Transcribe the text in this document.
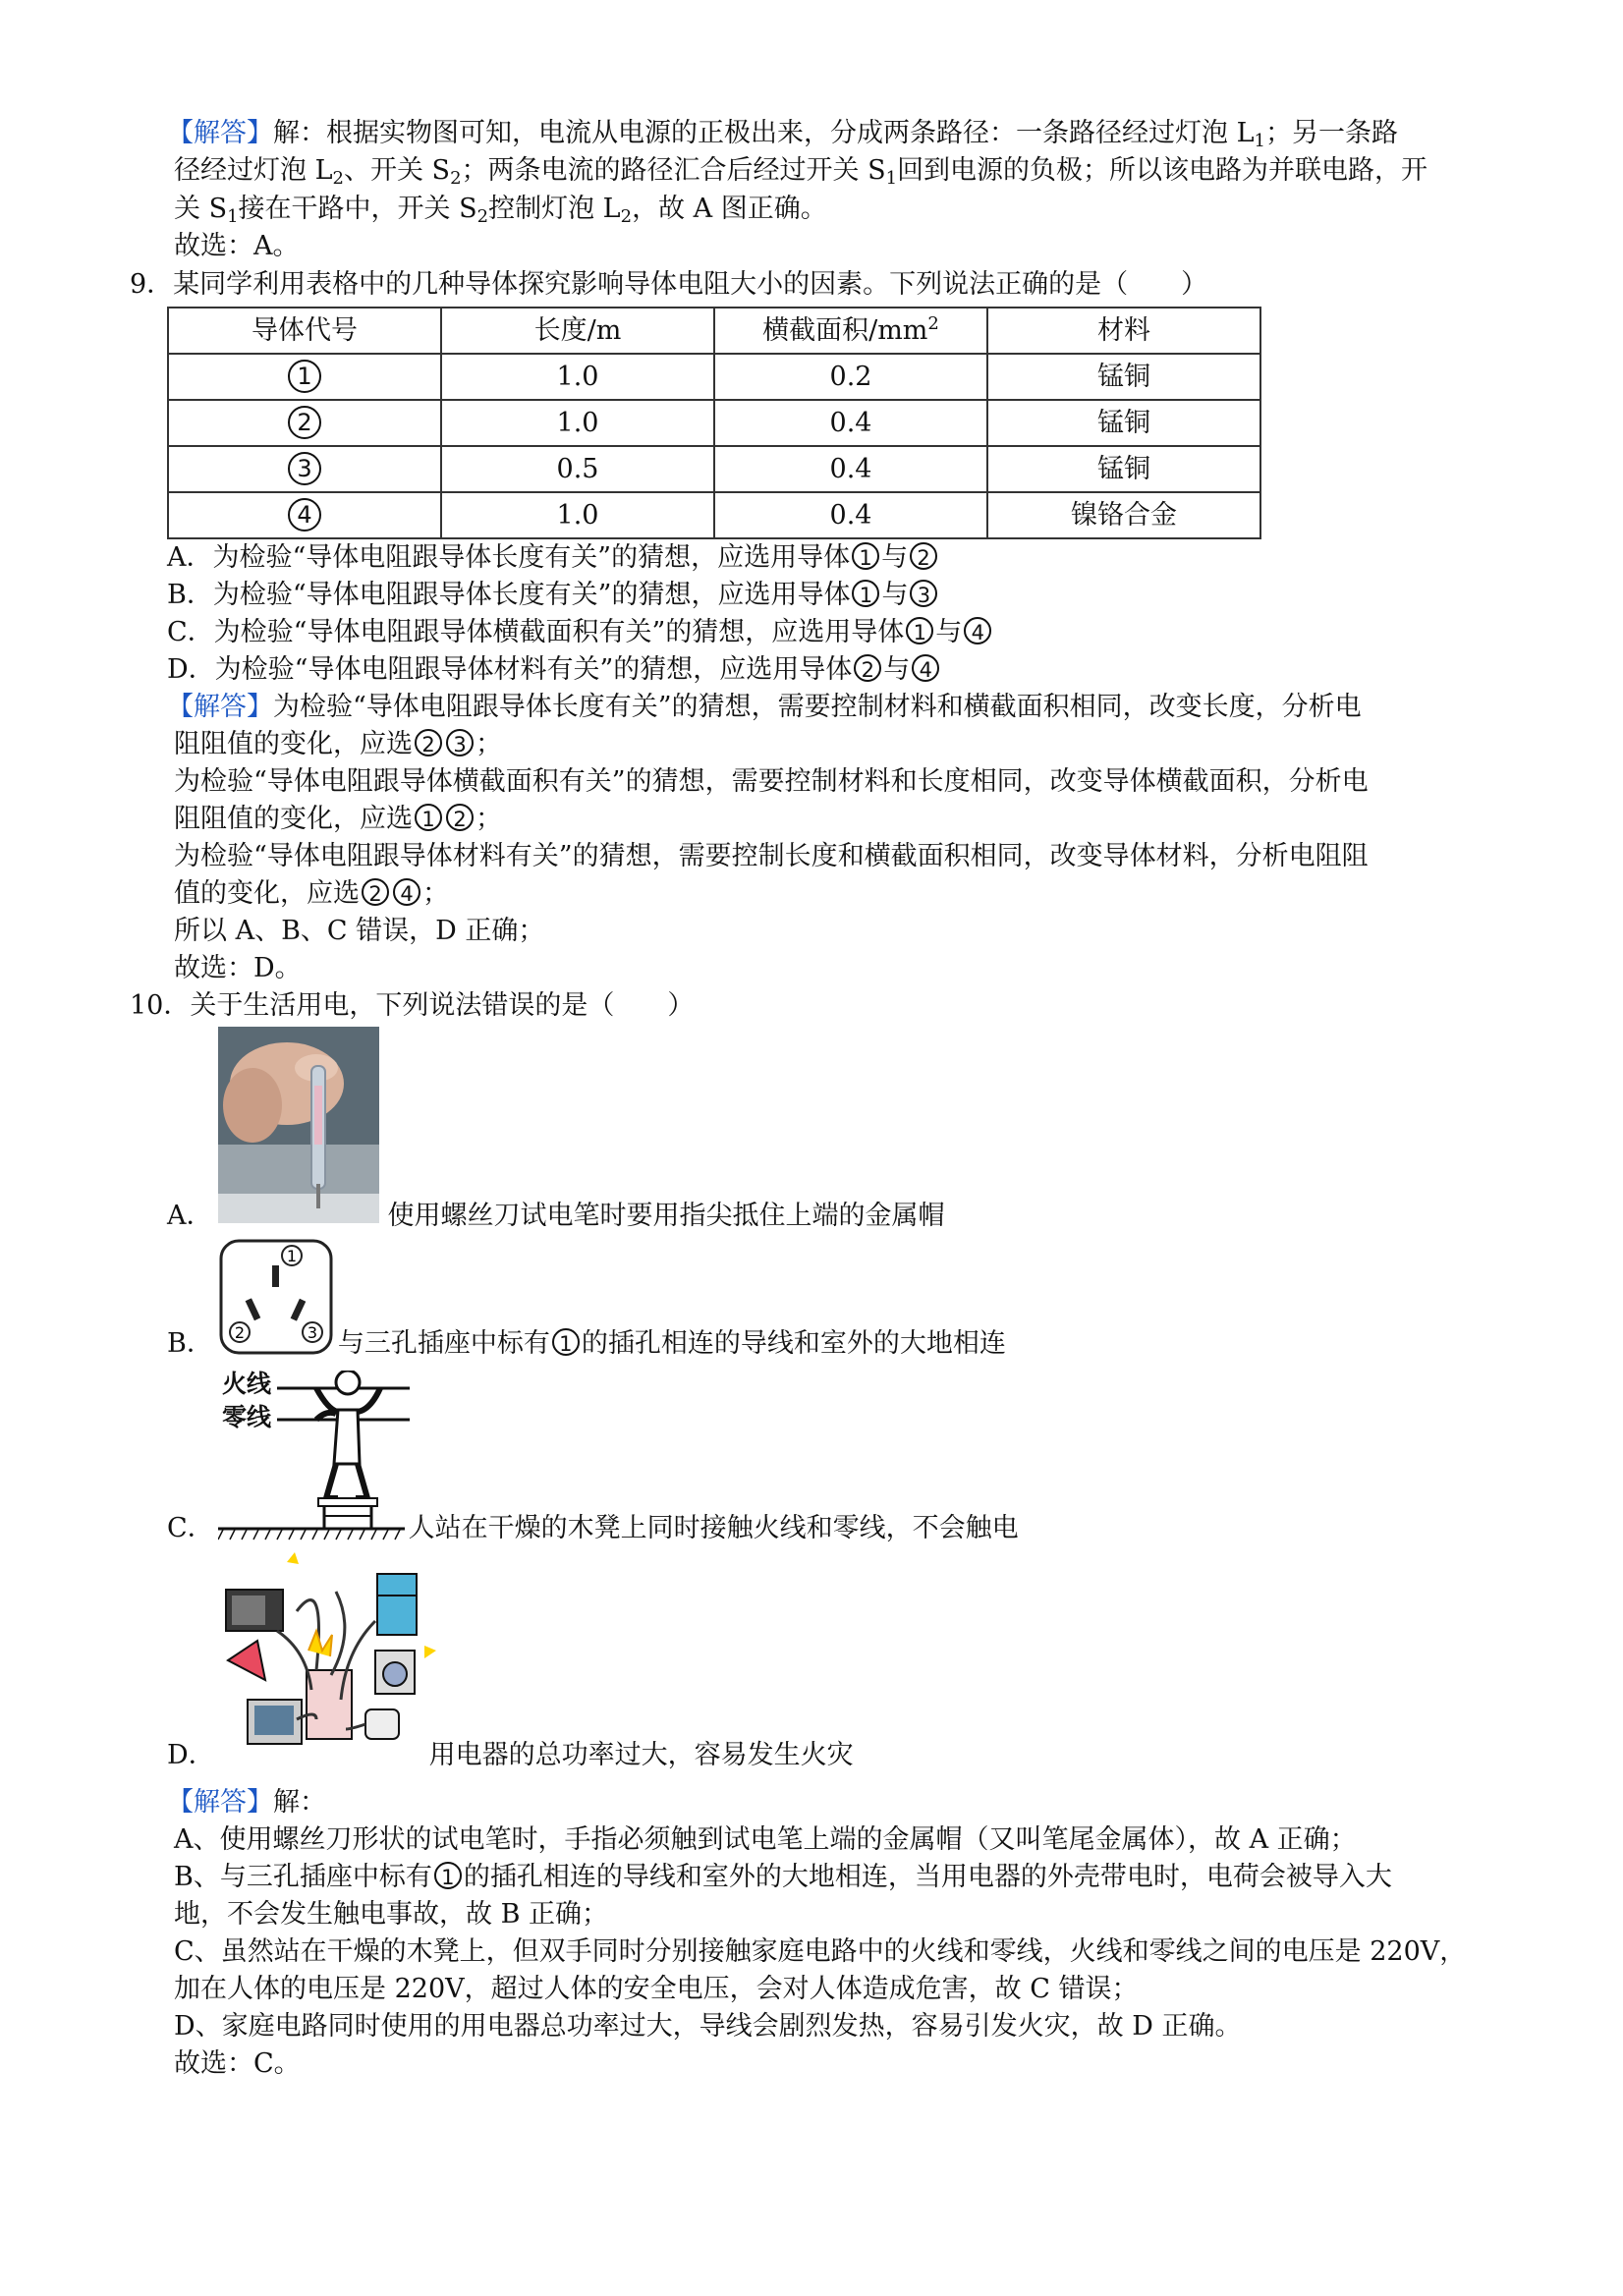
【解答】解：根据实物图可知，电流从电源的正极出来，分成两条路径：一条路径经过灯泡 $L_1$；另一条路
径经过灯泡 $L_2$、开关 $S_2$；两条电流的路径汇合后经过开关 $S_1$回到电源的负极；所以该电路为并联电路，开
关 $S_1$接在干路中，开关 $S_2$控制灯泡 $L_2$，故 A 图正确。
故选：A。
9．某同学利用表格中的几种导体探究影响导体电阻大小的因素。下列说法正确的是（　　）
导体代号	长度/m	横截面积$/mm^2$	材料
1	1.0	0.2	锰铜
2	1.0	0.4	锰铜
3	0.5	0.4	锰铜
4	1.0	0.4	镍铬合金
A．为检验“导体电阻跟导体长度有关”的猜想，应选用导体 1 与 2
B．为检验“导体电阻跟导体长度有关”的猜想，应选用导体 1 与 3
C．为检验“导体电阻跟导体横截面积有关”的猜想，应选用导体 1 与 4
D．为检验“导体电阻跟导体材料有关”的猜想，应选用导体 2 与 4
【解答】为检验“导体电阻跟导体长度有关”的猜想，需要控制材料和横截面积相同，改变长度，分析电
阻阻值的变化，应选 2 3 ；
为检验“导体电阻跟导体横截面积有关”的猜想，需要控制材料和长度相同，改变导体横截面积，分析电
阻阻值的变化，应选 1 2 ；
为检验“导体电阻跟导体材料有关”的猜想，需要控制长度和横截面积相同，改变导体材料，分析电阻阻
值的变化，应选 2 4 ；
所以 A、B、C 错误，D 正确；
故选：D。
10．关于生活用电，下列说法错误的是（　　）
A．	使用螺丝刀试电笔时要用指尖抵住上端的金属帽
1
2	3
B．	与三孔插座中标有 1 的插孔相连的导线和室外的大地相连
火线
零线
C．	人站在干燥的木凳上同时接触火线和零线，不会触电
D．	用电器的总功率过大，容易发生火灾
【解答】解：
A、使用螺丝刀形状的试电笔时，手指必须触到试电笔上端的金属帽（又叫笔尾金属体），故 A 正确；
B、与三孔插座中标有 1 的插孔相连的导线和室外的大地相连，当用电器的外壳带电时，电荷会被导入大
地，不会发生触电事故，故 B 正确；
C、虽然站在干燥的木凳上，但双手同时分别接触家庭电路中的火线和零线，火线和零线之间的电压是 220V，
加在人体的电压是 220V，超过人体的安全电压，会对人体造成危害，故 C 错误；
D、家庭电路同时使用的用电器总功率过大，导线会剧烈发热，容易引发火灾，故 D 正确。
故选：C。
